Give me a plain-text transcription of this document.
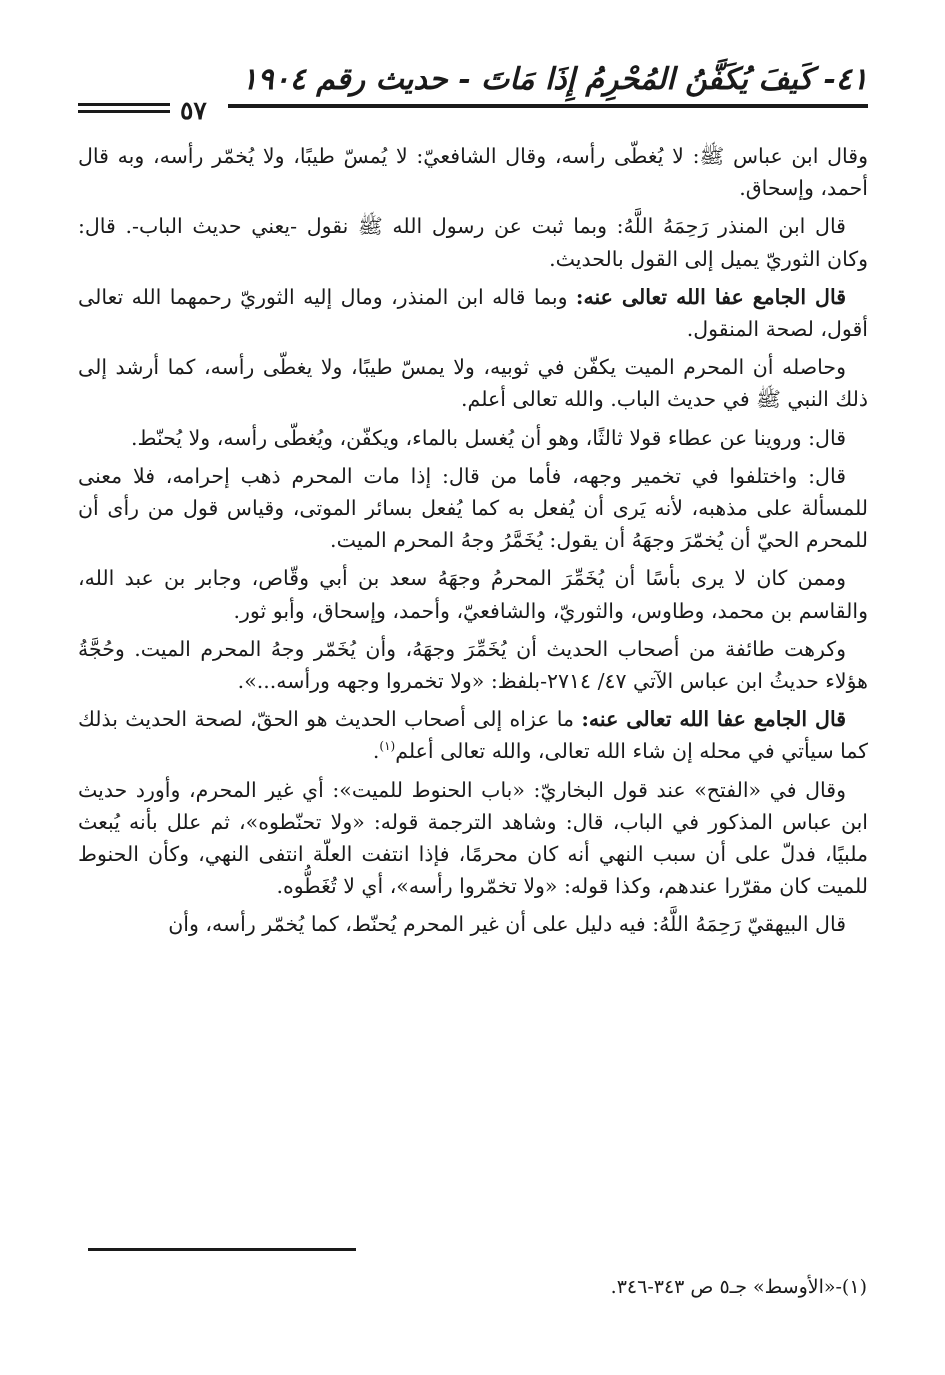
٤١- كَيفَ يُكَفَّنُ المُحْرِمُ إِذَا مَاتَ - حديث رقم ١٩٠٤
٥٧

وقال ابن عباس ﷺ: لا يُغطّى رأسه، وقال الشافعيّ: لا يُمسّ طيبًا، ولا يُخمّر رأسه، وبه قال أحمد، وإسحاق.

قال ابن المنذر رَحِمَهُ اللَّهُ: وبما ثبت عن رسول الله ﷺ نقول -يعني حديث الباب-. قال: وكان الثوريّ يميل إلى القول بالحديث.

قال الجامع عفا الله تعالى عنه: وبما قاله ابن المنذر، ومال إليه الثوريّ رحمهما الله تعالى أقول، لصحة المنقول.

وحاصله أن المحرم الميت يكفّن في ثوبيه، ولا يمسّ طيبًا، ولا يغطّى رأسه، كما أرشد إلى ذلك النبي ﷺ في حديث الباب. والله تعالى أعلم.

قال: وروينا عن عطاء قولا ثالثًا، وهو أن يُغسل بالماء، ويكفّن، ويُغطّى رأسه، ولا يُحنّط.

قال: واختلفوا في تخمير وجهه، فأما من قال: إذا مات المحرم ذهب إحرامه، فلا معنى للمسألة على مذهبه، لأنه يَرى أن يُفعل به كما يُفعل بسائر الموتى، وقياس قول من رأى أن للمحرم الحيّ أن يُخمّرَ وجهَهُ أن يقول: يُخَمَّرُ وجهُ المحرم الميت.

وممن كان لا يرى بأسًا أن يُخَمِّرَ المحرمُ وجهَهُ سعد بن أبي وقّاص، وجابر بن عبد الله، والقاسم بن محمد، وطاوس، والثوريّ، والشافعيّ، وأحمد، وإسحاق، وأبو ثور.

وكرهت طائفة من أصحاب الحديث أن يُخَمِّرَ وجهَهُ، وأن يُخَمّر وجهُ المحرم الميت. وحُجَّةُ هؤلاء حديثُ ابن عباس الآتي ٤٧/ ٢٧١٤-بلفظ: «ولا تخمروا وجهه ورأسه...».

قال الجامع عفا الله تعالى عنه: ما عزاه إلى أصحاب الحديث هو الحقّ، لصحة الحديث بذلك كما سيأتي في محله إن شاء الله تعالى، والله تعالى أعلم$^{(١)}$.

وقال في «الفتح» عند قول البخاريّ: «باب الحنوط للميت»: أي غير المحرم، وأورد حديث ابن عباس المذكور في الباب، قال: وشاهد الترجمة قوله: «ولا تحنّطوه»، ثم علل بأنه يُبعث ملبيًا، فدلّ على أن سبب النهي أنه كان محرمًا، فإذا انتفت العلّة انتفى النهي، وكأن الحنوط للميت كان مقرّرا عندهم، وكذا قوله: «ولا تخمّروا رأسه»، أي لا تُغَطُّوه.

قال البيهقيّ رَحِمَهُ اللَّهُ: فيه دليل على أن غير المحرم يُحنّط، كما يُخمّر رأسه، وأن

(١)-«الأوسط» جـ٥ ص ٣٤٣-٣٤٦.
